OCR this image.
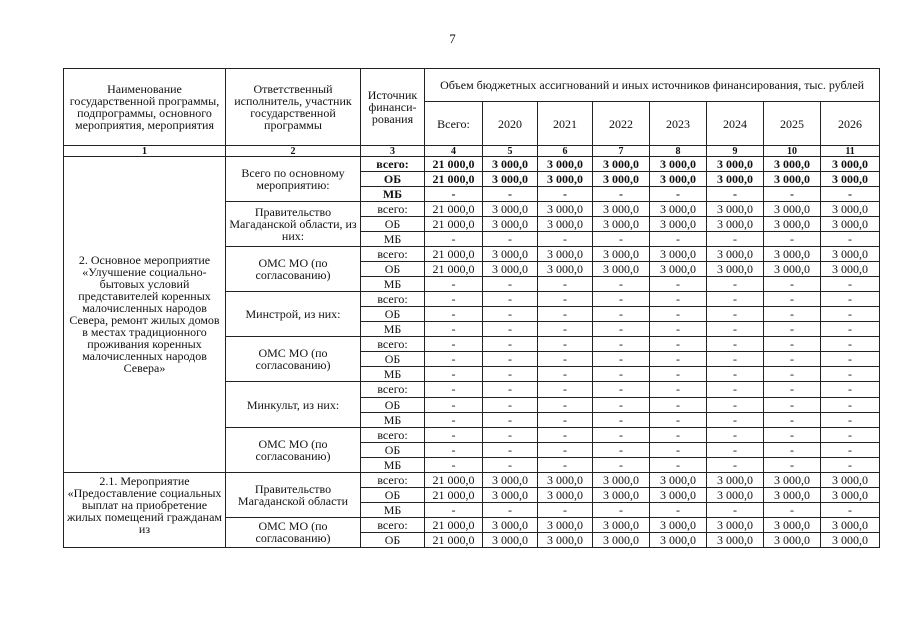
7
Наименование государственной программы, подпрограммы, основного мероприятия, мероприятия	Ответственный исполнитель, участник государственной программы	Источник финанси-рования	Объем бюджетных ассигнований и иных источников финансирования, тыс. рублей							
			Всего:	2020	2021	2022	2023	2024	2025	2026
1	2	3	4	5	6	7	8	9	10	11
2. Основное мероприятие «Улучшение социально-бытовых условий представителей коренных малочисленных народов Севера, ремонт жилых домов в местах традиционного проживания коренных малочисленных народов Севера»	Всего по основному мероприятию:	всего:	21 000,0	3 000,0	3 000,0	3 000,0	3 000,0	3 000,0	3 000,0	3 000,0
		ОБ	21 000,0	3 000,0	3 000,0	3 000,0	3 000,0	3 000,0	3 000,0	3 000,0
		МБ	-	-	-	-	-	-	-	-
	Правительство Магаданской области, из них:	всего:	21 000,0	3 000,0	3 000,0	3 000,0	3 000,0	3 000,0	3 000,0	3 000,0
		ОБ	21 000,0	3 000,0	3 000,0	3 000,0	3 000,0	3 000,0	3 000,0	3 000,0
		МБ	-	-	-	-	-	-	-	-
	ОМС МО (по согласованию)	всего:	21 000,0	3 000,0	3 000,0	3 000,0	3 000,0	3 000,0	3 000,0	3 000,0
		ОБ	21 000,0	3 000,0	3 000,0	3 000,0	3 000,0	3 000,0	3 000,0	3 000,0
		МБ	-	-	-	-	-	-	-	-
	Минстрой, из них:	всего:	-	-	-	-	-	-	-	-
		ОБ	-	-	-	-	-	-	-	-
		МБ	-	-	-	-	-	-	-	-
	ОМС МО (по согласованию)	всего:	-	-	-	-	-	-	-	-
		ОБ	-	-	-	-	-	-	-	-
		МБ	-	-	-	-	-	-	-	-
	Минкульт, из них:	всего:	-	-	-	-	-	-	-	-
		ОБ	-	-	-	-	-	-	-	-
		МБ	-	-	-	-	-	-	-	-
	ОМС МО (по согласованию)	всего:	-	-	-	-	-	-	-	-
		ОБ	-	-	-	-	-	-	-	-
		МБ	-	-	-	-	-	-	-	-
2.1. Мероприятие «Предоставление социальных выплат на приобретение жилых помещений гражданам из	Правительство Магаданской области	всего:	21 000,0	3 000,0	3 000,0	3 000,0	3 000,0	3 000,0	3 000,0	3 000,0
		ОБ	21 000,0	3 000,0	3 000,0	3 000,0	3 000,0	3 000,0	3 000,0	3 000,0
		МБ	-	-	-	-	-	-	-	-
	ОМС МО (по согласованию)	всего:	21 000,0	3 000,0	3 000,0	3 000,0	3 000,0	3 000,0	3 000,0	3 000,0
		ОБ	21 000,0	3 000,0	3 000,0	3 000,0	3 000,0	3 000,0	3 000,0	3 000,0
